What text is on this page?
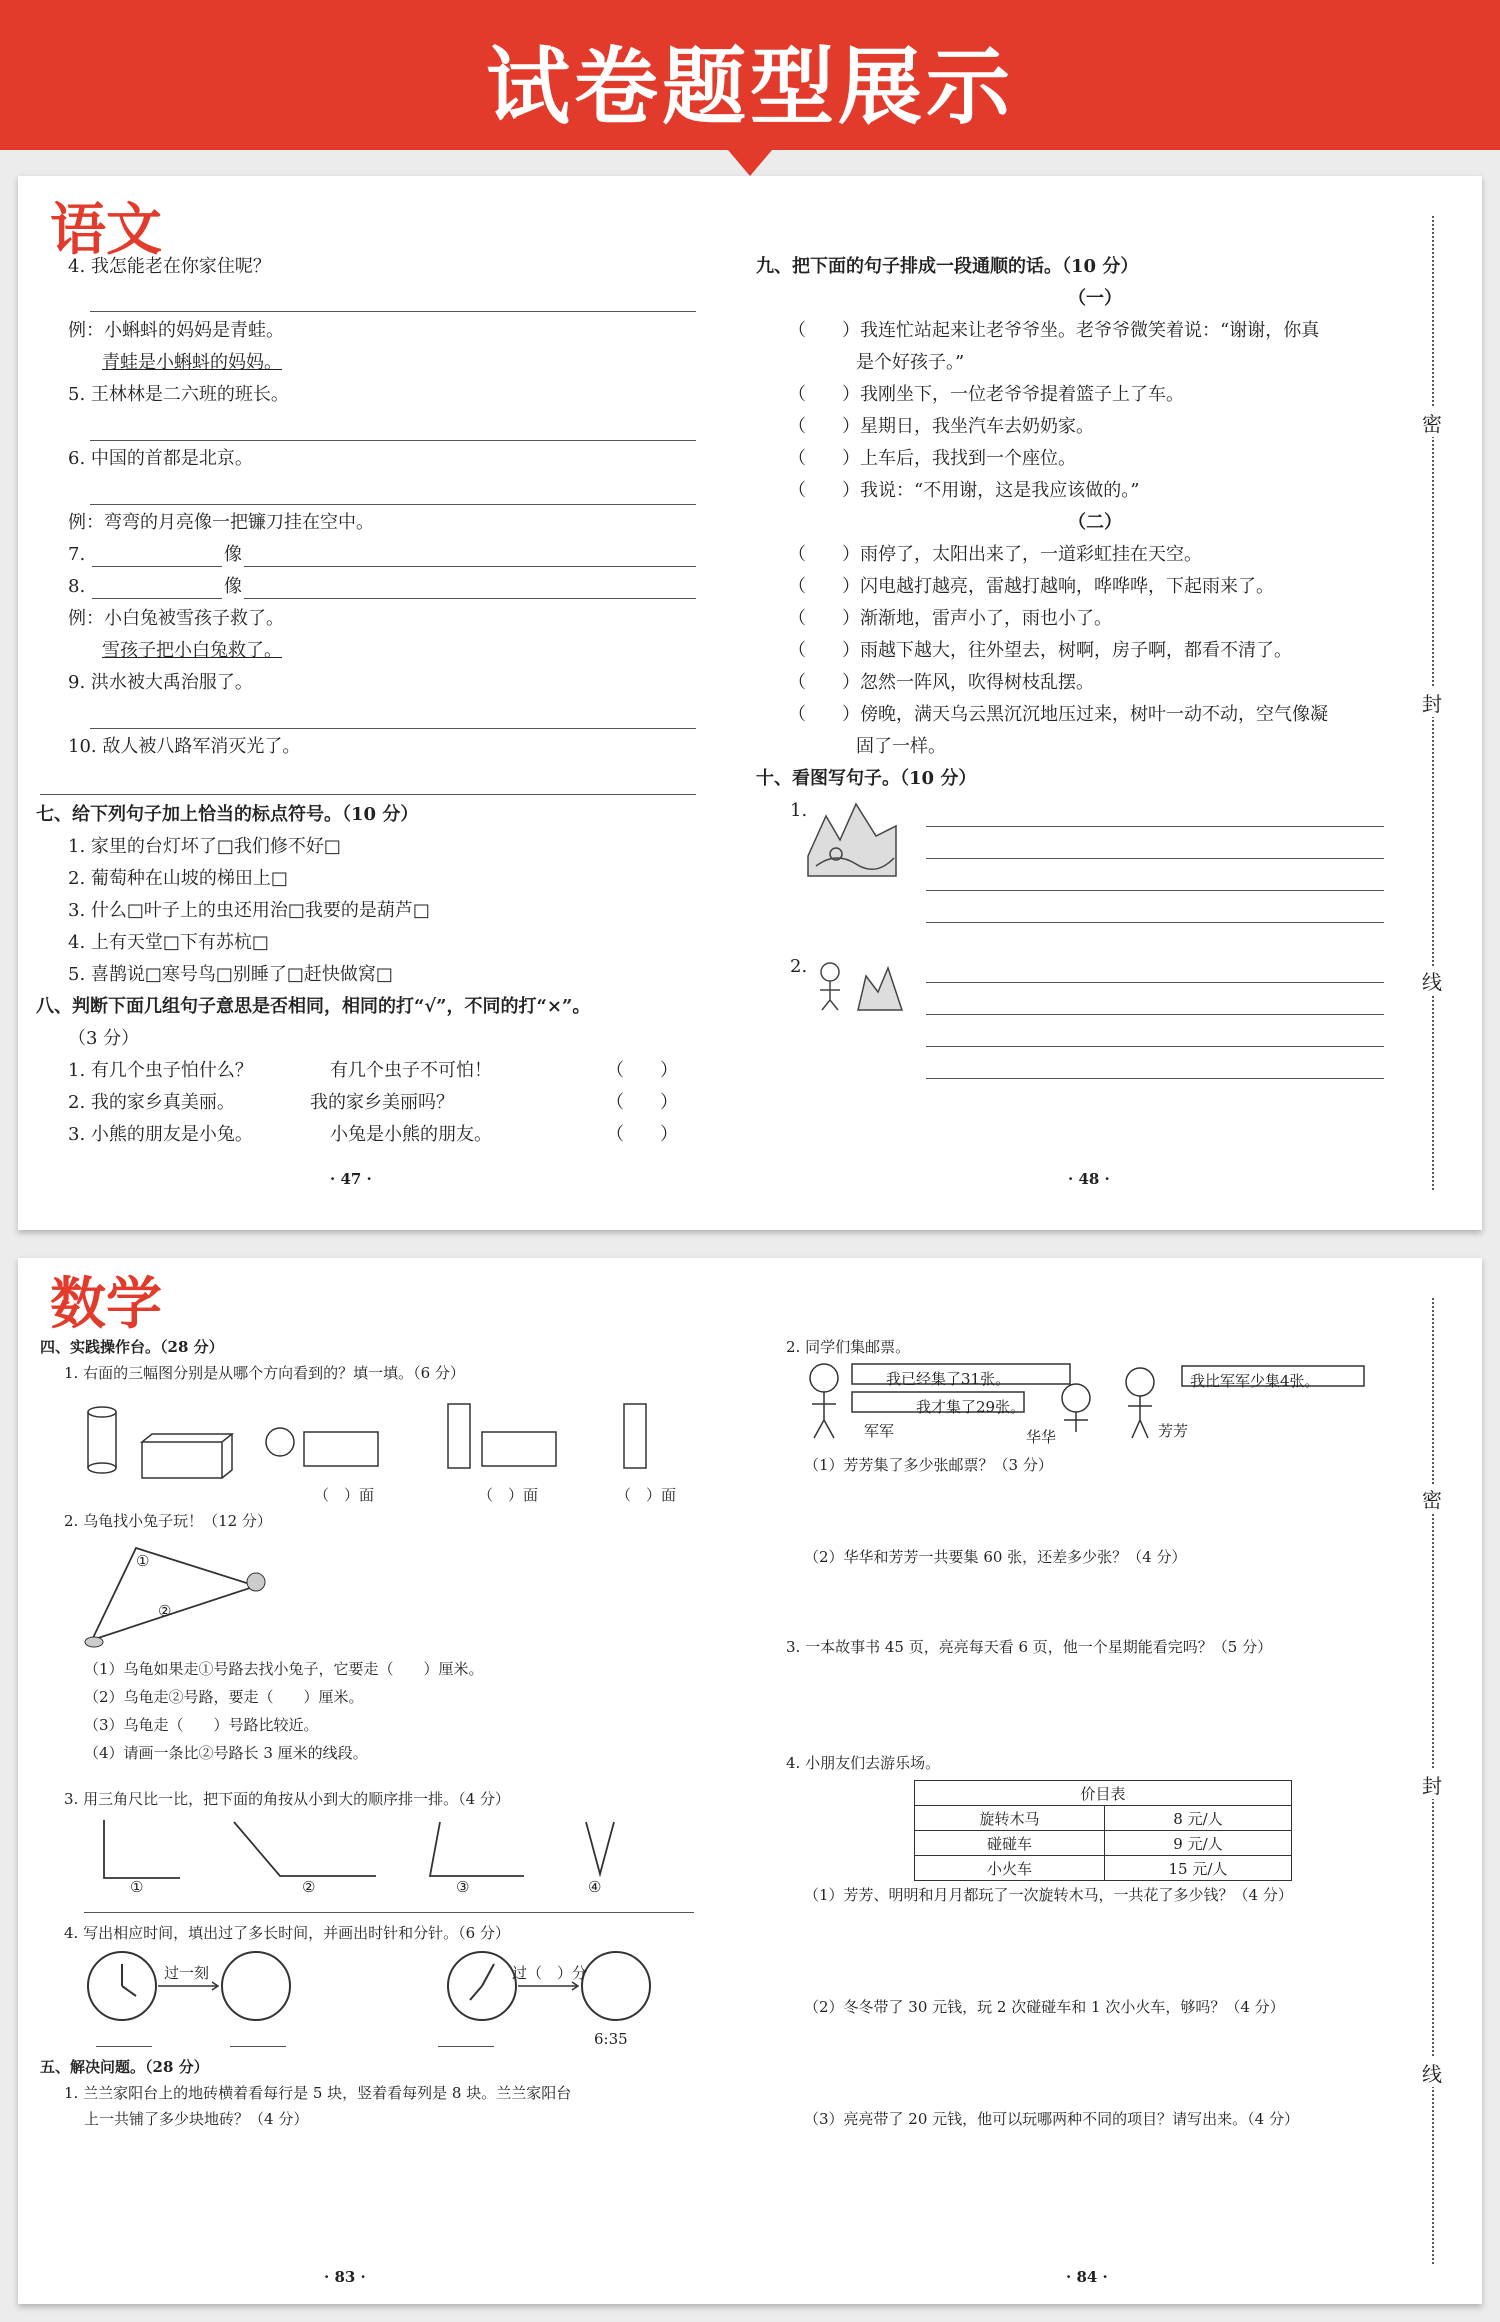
试卷题型展示
语文
4. 我怎能老在你家住呢？
例：小蝌蚪的妈妈是青蛙。
青蛙是小蝌蚪的妈妈。
5. 王林林是二六班的班长。
6. 中国的首都是北京。
例：弯弯的月亮像一把镰刀挂在空中。
7.	像
8.	像
例：小白兔被雪孩子救了。
雪孩子把小白兔救了。
9. 洪水被大禹治服了。
10. 敌人被八路军消灭光了。
七、给下列句子加上恰当的标点符号。（10 分）
1. 家里的台灯坏了□我们修不好□
2. 葡萄种在山坡的梯田上□
3. 什么□叶子上的虫还用治□我要的是葫芦□
4. 上有天堂□下有苏杭□
5. 喜鹊说□寒号鸟□别睡了□赶快做窝□
八、判断下面几组句子意思是否相同，相同的打“√”，不同的打“×”。
（3 分）
1. 有几个虫子怕什么？	有几个虫子不可怕！	（　　）
2. 我的家乡真美丽。	我的家乡美丽吗？	（　　）
3. 小熊的朋友是小兔。	小兔是小熊的朋友。	（　　）
· 47 ·
九、把下面的句子排成一段通顺的话。（10 分）
（一）
（ ）我连忙站起来让老爷爷坐。老爷爷微笑着说：“谢谢，你真
是个好孩子。”
（ ）我刚坐下，一位老爷爷提着篮子上了车。
（ ）星期日，我坐汽车去奶奶家。
（ ）上车后，我找到一个座位。
（ ）我说：“不用谢，这是我应该做的。”
（二）
（ ）雨停了，太阳出来了，一道彩虹挂在天空。
（ ）闪电越打越亮，雷越打越响，哗哗哗，下起雨来了。
（ ）渐渐地，雷声小了，雨也小了。
（ ）雨越下越大，往外望去，树啊，房子啊，都看不清了。
（ ）忽然一阵风，吹得树枝乱摆。
（ ）傍晚，满天乌云黑沉沉地压过来，树叶一动不动，空气像凝
固了一样。
十、看图写句子。（10 分）
1.
2.
· 48 ·
密
封
线
数学
四、实践操作台。（28 分）
1. 右面的三幅图分别是从哪个方向看到的？填一填。（6 分）
（　）面	（　）面	（　）面
2. 乌龟找小兔子玩！（12 分）
①
②
（1）乌龟如果走①号路去找小兔子，它要走（　　）厘米。
（2）乌龟走②号路，要走（　　）厘米。
（3）乌龟走（　　）号路比较近。
（4）请画一条比②号路长 3 厘米的线段。
3. 用三角尺比一比，把下面的角按从小到大的顺序排一排。（4 分）
①	②	③	④
4. 写出相应时间，填出过了多长时间，并画出时针和分针。（6 分）
过一刻	过（　）分
6:35
五、解决问题。（28 分）
1. 兰兰家阳台上的地砖横着看每行是 5 块，竖着看每列是 8 块。兰兰家阳台
上一共铺了多少块地砖？（4 分）
· 83 ·
2. 同学们集邮票。
我已经集了31张。
我才集了29张。
我比军军少集4张。
军军	华华	芳芳
（1）芳芳集了多少张邮票？（3 分）
（2）华华和芳芳一共要集 60 张，还差多少张？（4 分）
3. 一本故事书 45 页，亮亮每天看 6 页，他一个星期能看完吗？（5 分）
4. 小朋友们去游乐场。
价目表	
旋转木马	8 元/人
碰碰车	9 元/人
小火车	15 元/人
（1）芳芳、明明和月月都玩了一次旋转木马，一共花了多少钱？（4 分）
（2）冬冬带了 30 元钱，玩 2 次碰碰车和 1 次小火车，够吗？（4 分）
（3）亮亮带了 20 元钱，他可以玩哪两种不同的项目？请写出来。（4 分）
· 84 ·
密
封
线
